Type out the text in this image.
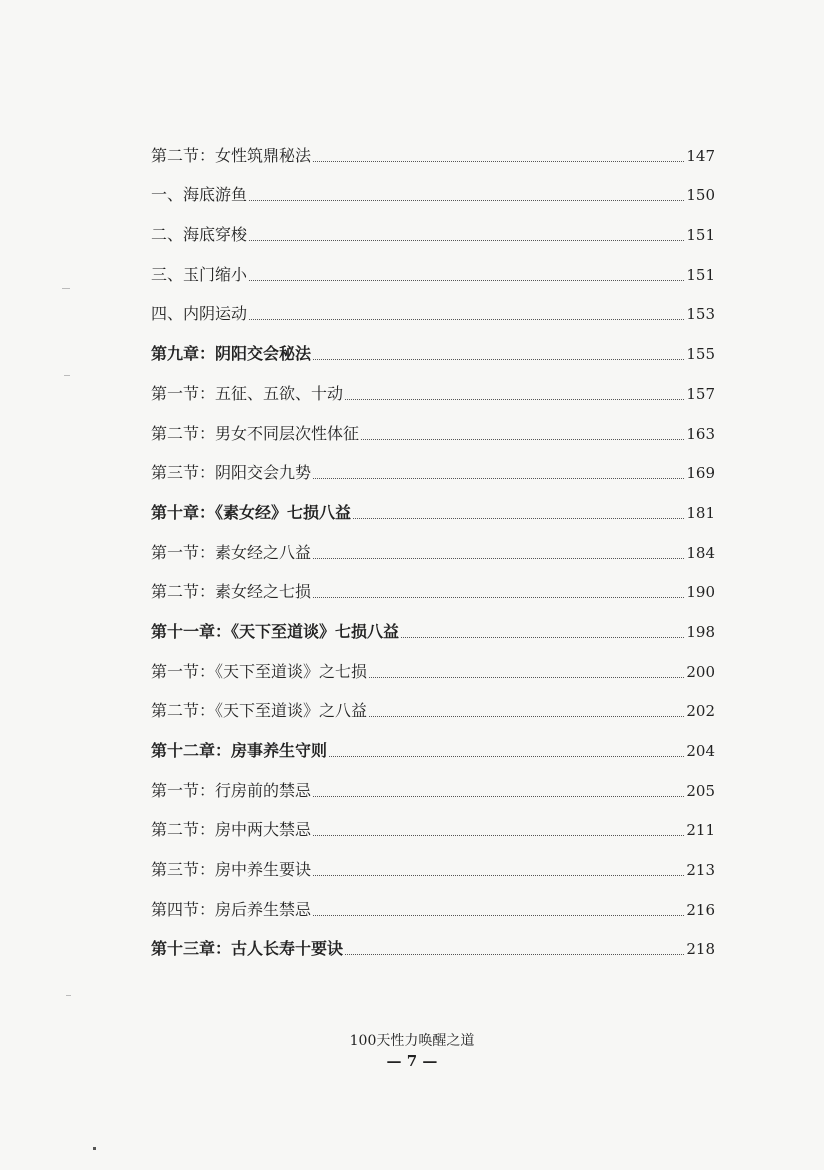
第二节：女性筑鼎秘法	147
一、海底游鱼	150
二、海底穿梭	151
三、玉门缩小	151
四、内阴运动	153
第九章：阴阳交会秘法	155
第一节：五征、五欲、十动	157
第二节：男女不同层次性体征	163
第三节：阴阳交会九势	169
第十章：《素女经》七损八益	181
第一节：素女经之八益	184
第二节：素女经之七损	190
第十一章：《天下至道谈》七损八益	198
第一节：《天下至道谈》之七损	200
第二节：《天下至道谈》之八益	202
第十二章：房事养生守则	204
第一节：行房前的禁忌	205
第二节：房中两大禁忌	211
第三节：房中养生要诀	213
第四节：房后养生禁忌	216
第十三章：古人长寿十要诀	218
100天性力唤醒之道
— 7 —
